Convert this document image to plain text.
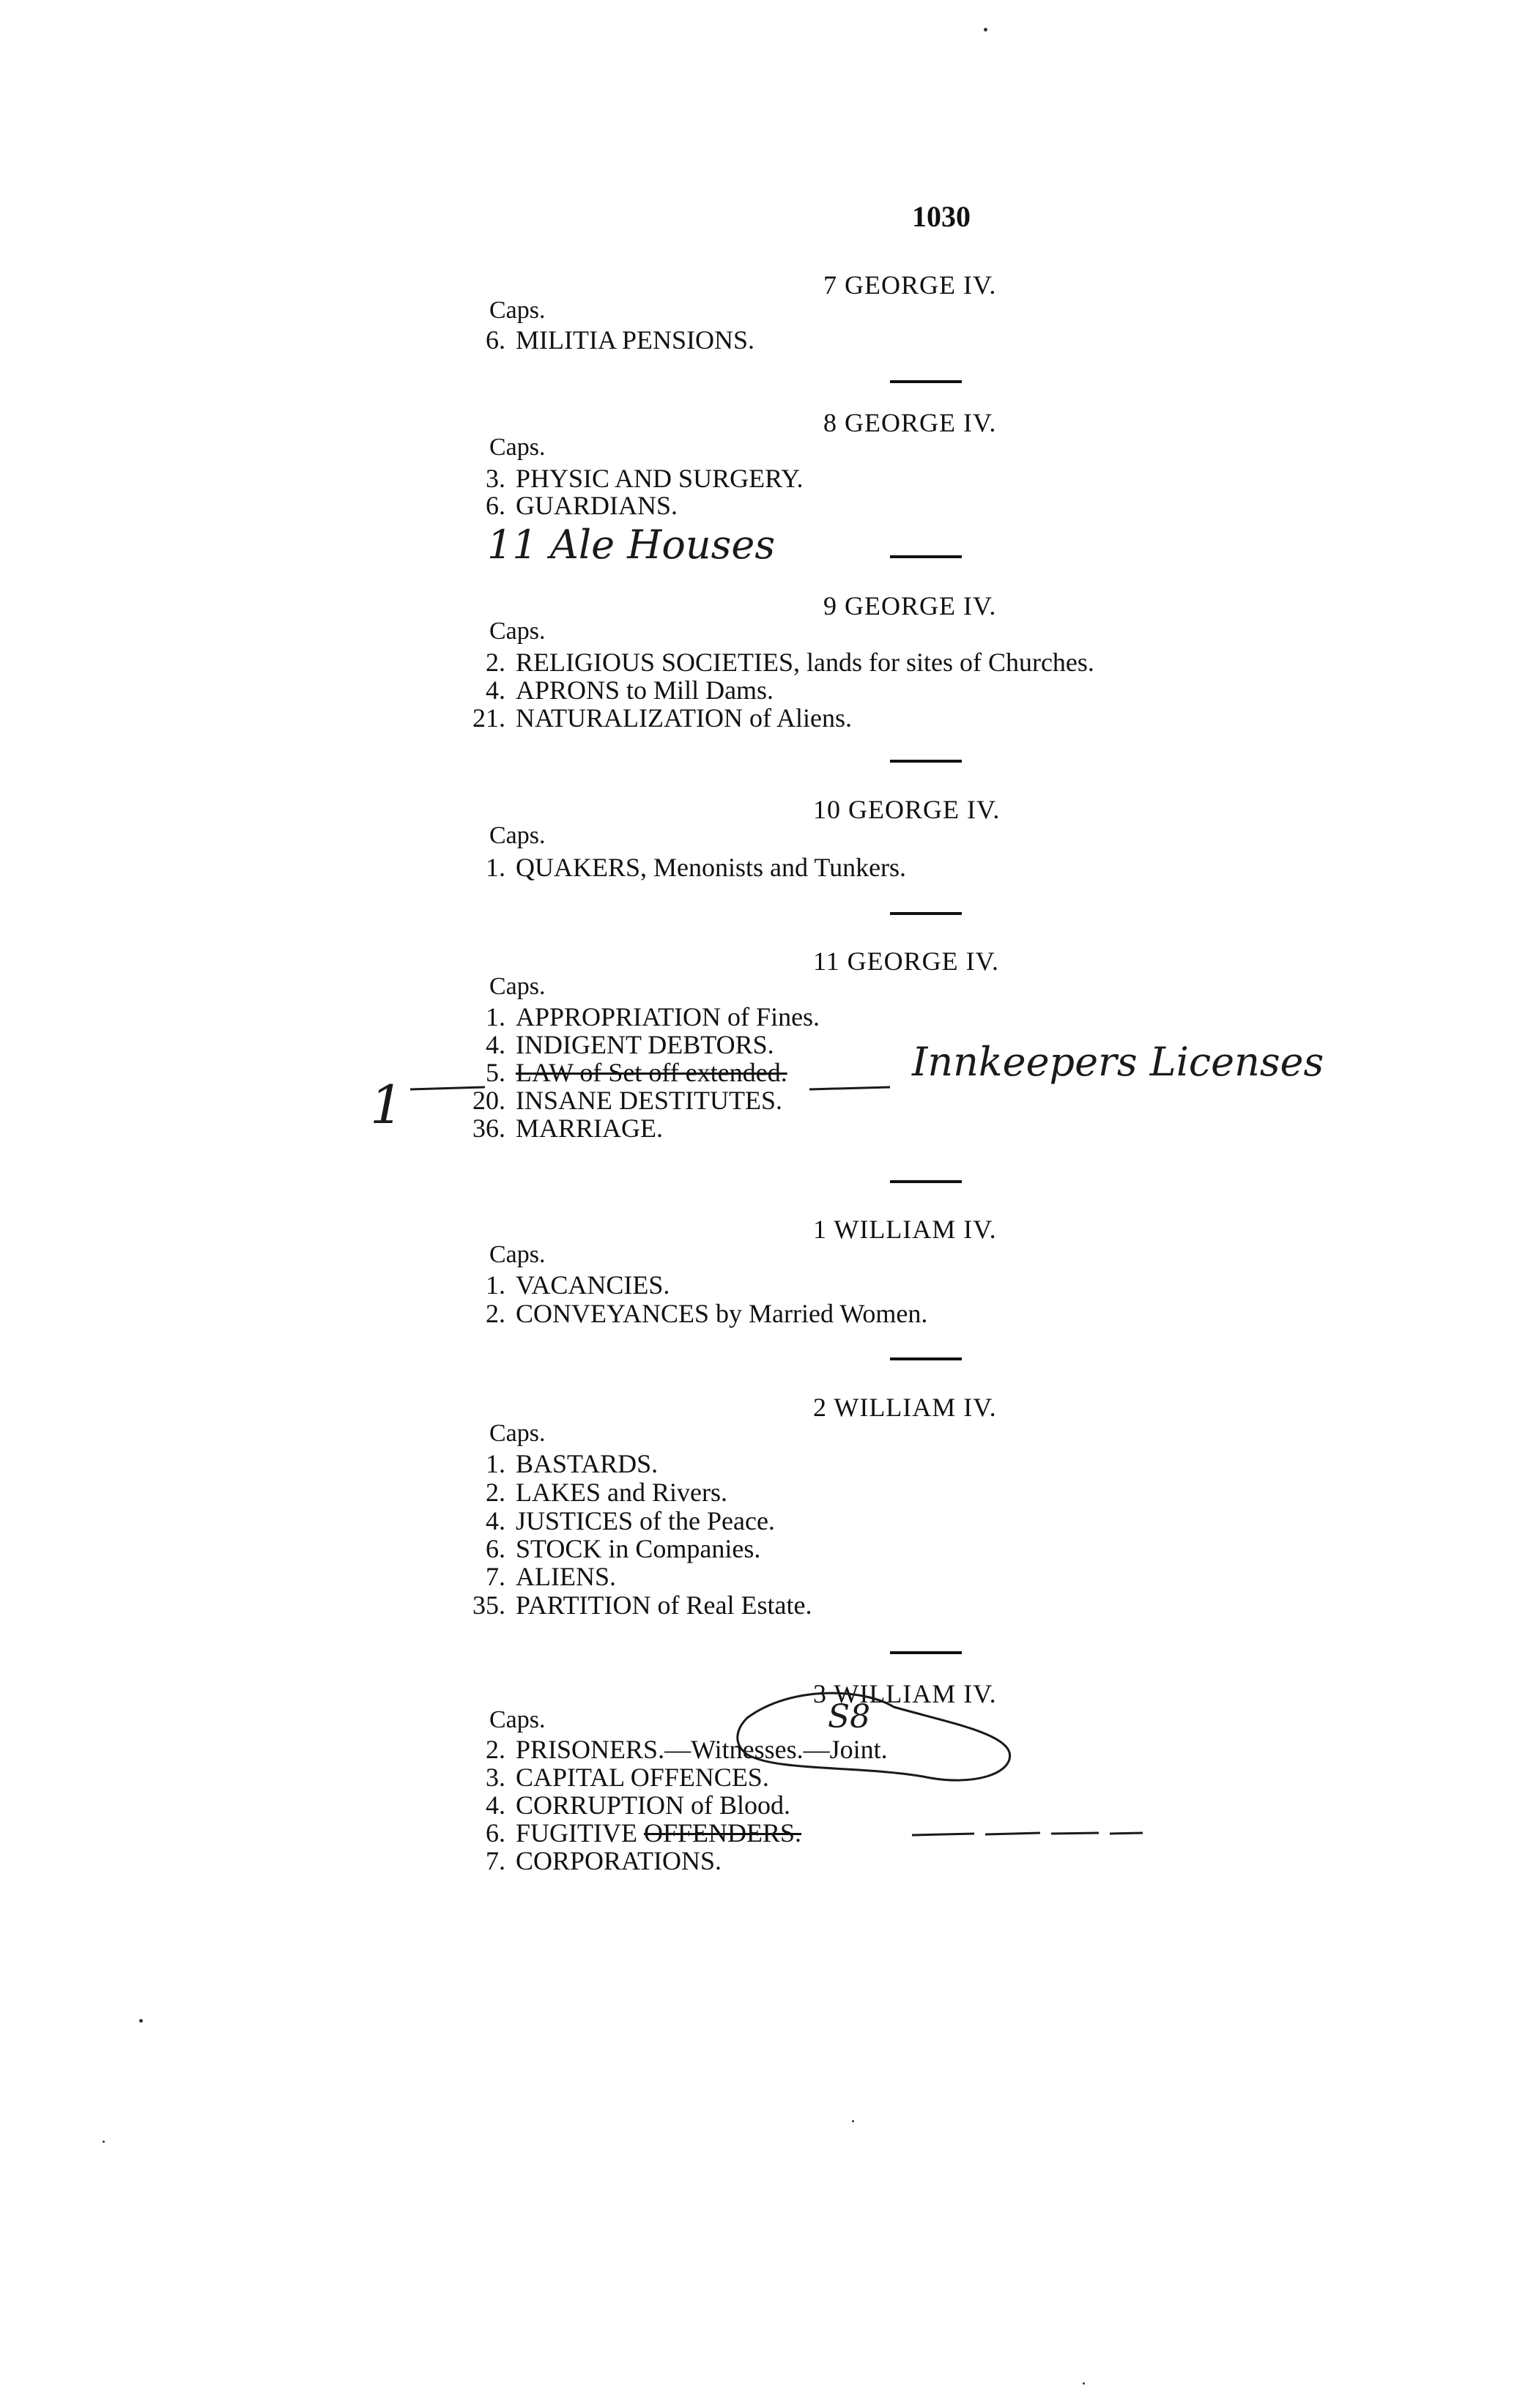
1030
7 GEORGE IV.
Caps.
6. MILITIA PENSIONS.
8 GEORGE IV.
Caps.
3. PHYSIC AND SURGERY.
6. GUARDIANS.
11 Ale Houses
9 GEORGE IV.
Caps.
2. RELIGIOUS SOCIETIES, lands for sites of Churches.
4. APRONS to Mill Dams.
21. NATURALIZATION of Aliens.
10 GEORGE IV.
Caps.
1. QUAKERS, Menonists and Tunkers.
11 GEORGE IV.
Caps.
1. APPROPRIATION of Fines.
4. INDIGENT DEBTORS.
5. LAW of Set off extended.
20. INSANE DESTITUTES.
36. MARRIAGE.
Innkeepers Licenses
1
1 WILLIAM IV.
Caps.
1. VACANCIES.
2. CONVEYANCES by Married Women.
2 WILLIAM IV.
Caps.
1. BASTARDS.
2. LAKES and Rivers.
4. JUSTICES of the Peace.
6. STOCK in Companies.
7. ALIENS.
35. PARTITION of Real Estate.
3 WILLIAM IV.
Caps.
2. PRISONERS.—Witnesses.—Joint.
3. CAPITAL OFFENCES.
4. CORRUPTION of Blood.
6. FUGITIVE OFFENDERS.
7. CORPORATIONS.
S8
